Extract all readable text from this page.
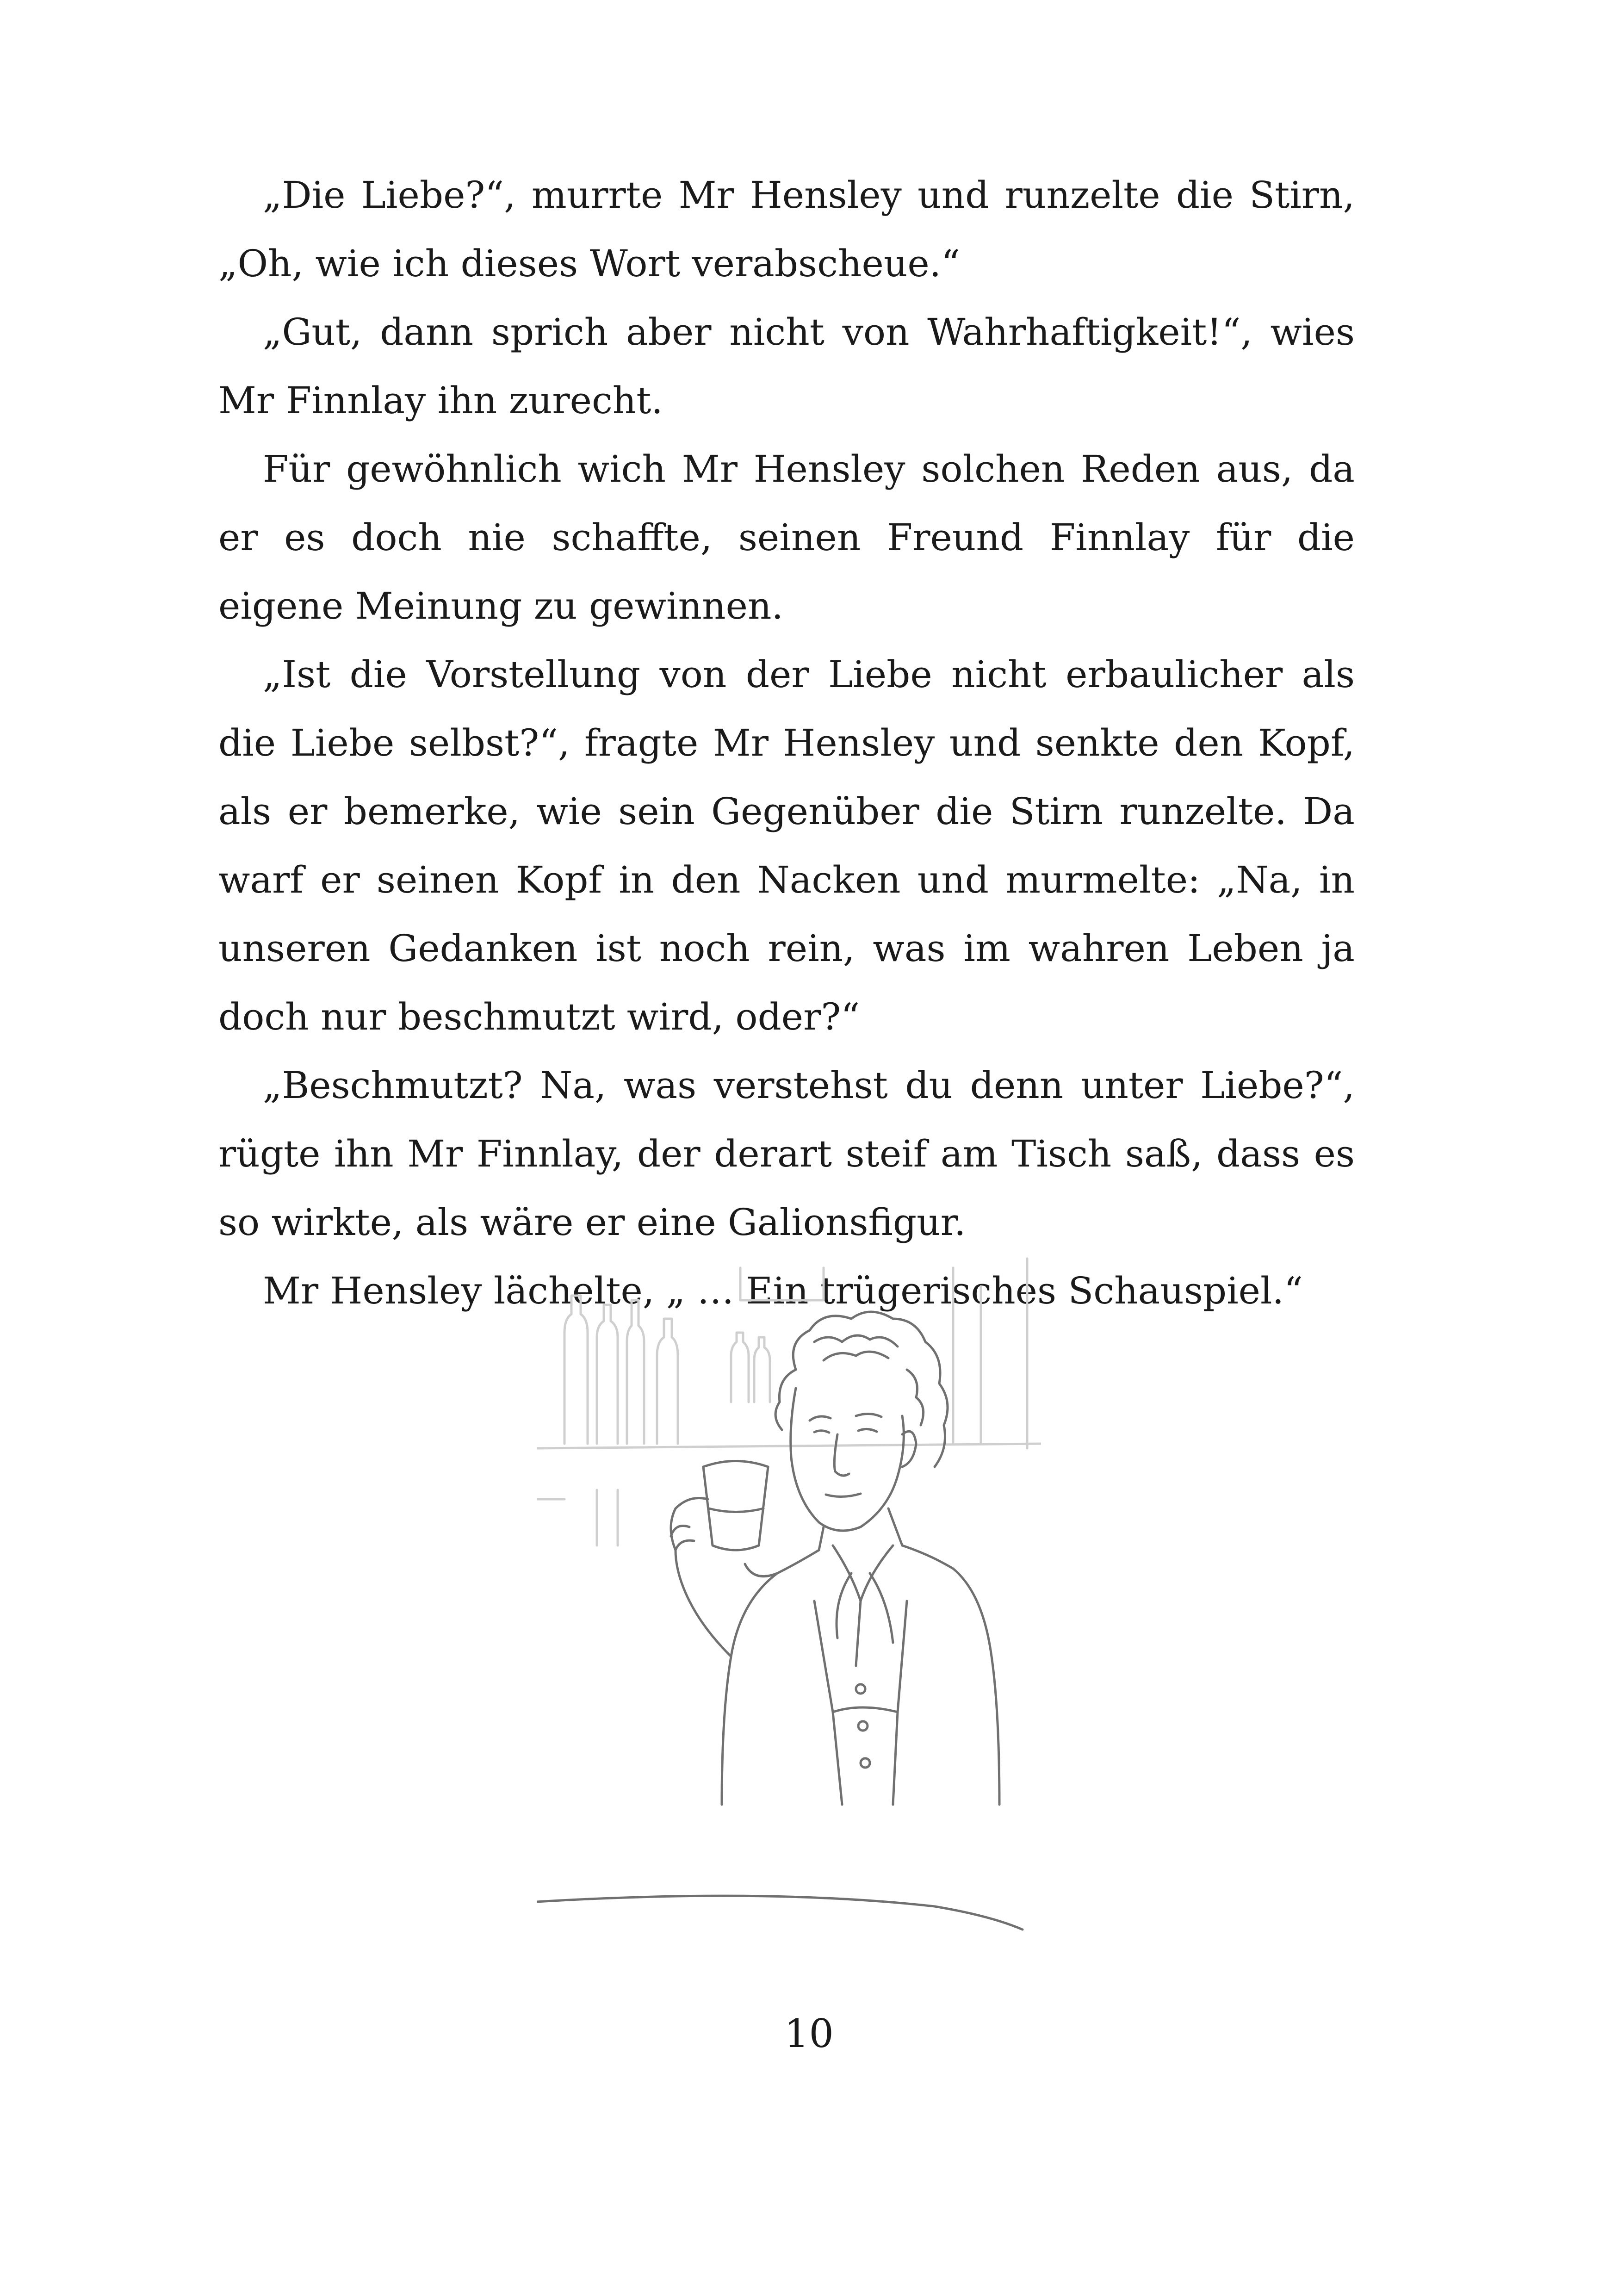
„Die Liebe?“, murrte Mr Hensley und runzelte die Stirn, „Oh, wie ich dieses Wort verabscheue.“

„Gut, dann sprich aber nicht von Wahrhaftigkeit!“, wies Mr Finnlay ihn zurecht.

Für gewöhnlich wich Mr Hensley solchen Reden aus, da er es doch nie schaffte, seinen Freund Finnlay für die eigene Meinung zu gewinnen.

„Ist die Vorstellung von der Liebe nicht erbaulicher als die Liebe selbst?“, fragte Mr Hensley und senkte den Kopf, als er bemerke, wie sein Gegenüber die Stirn runzelte. Da warf er seinen Kopf in den Nacken und murmelte: „Na, in unseren Gedanken ist noch rein, was im wahren Leben ja doch nur beschmutzt wird, oder?“

„Beschmutzt? Na, was verstehst du denn unter Liebe?“, rügte ihn Mr Finnlay, der derart steif am Tisch saß, dass es so wirkte, als wäre er eine Galionsfigur.

Mr Hensley lächelte, „ … Ein trügerisches Schauspiel.“

10
